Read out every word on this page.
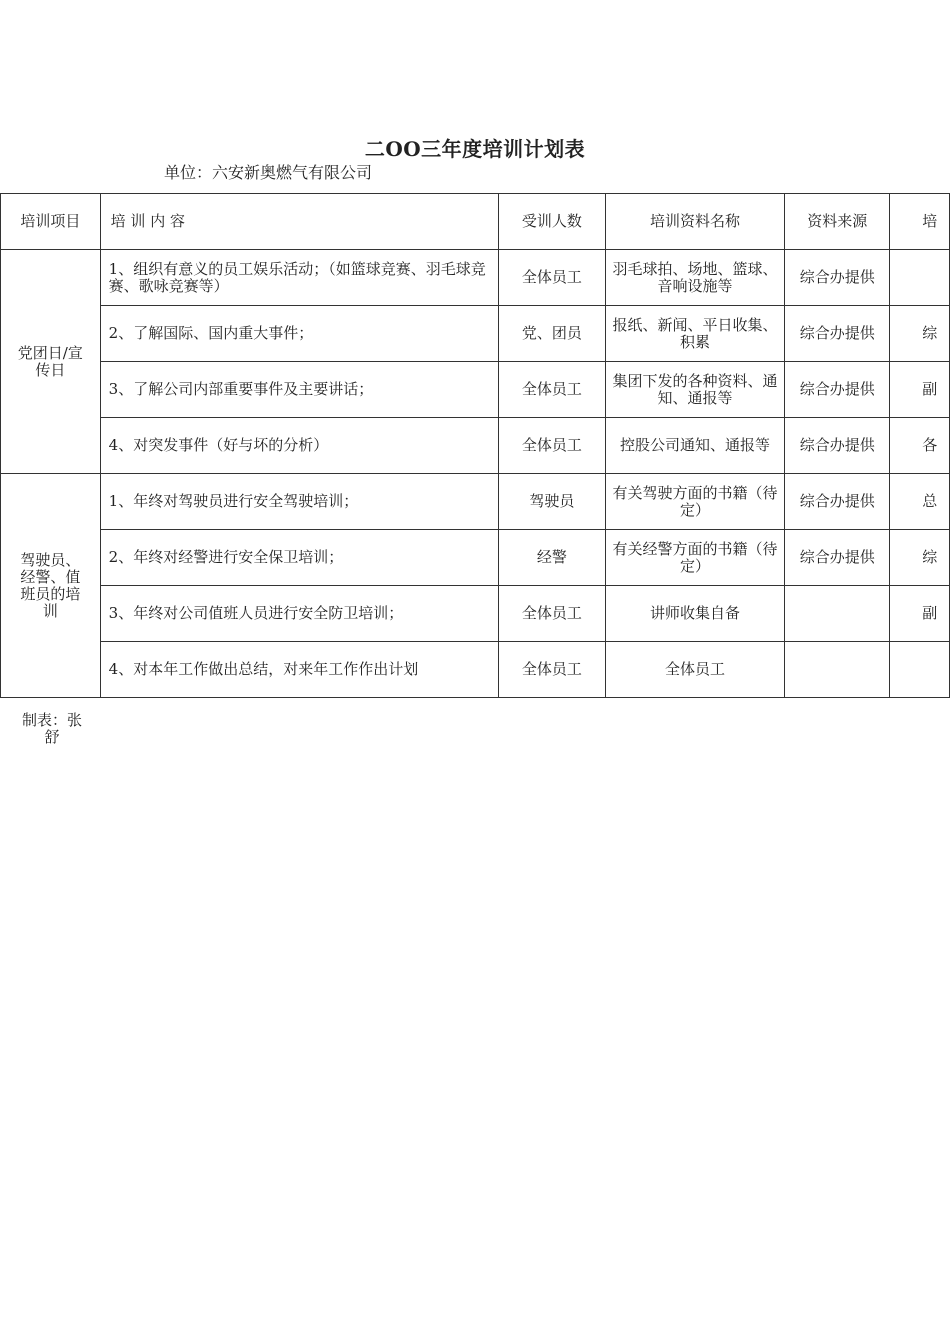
二OO三年度培训计划表
单位：六安新奥燃气有限公司
培训项目	培 训 内 容	受训人数	培训资料名称	资料来源	培
党团日/宣传日	1、组织有意义的员工娱乐活动；（如篮球竞赛、羽毛球竞赛、歌咏竞赛等）	全体员工	羽毛球拍、场地、篮球、音响设施等	综合办提供	
	2、了解国际、国内重大事件；	党、团员	报纸、新闻、平日收集、积累	综合办提供	综
	3、了解公司内部重要事件及主要讲话；	全体员工	集团下发的各种资料、通知、通报等	综合办提供	副
	4、对突发事件（好与坏的分析）	全体员工	控股公司通知、通报等	综合办提供	各
驾驶员、经警、值班员的培训	1、年终对驾驶员进行安全驾驶培训；	驾驶员	有关驾驶方面的书籍（待定）	综合办提供	总
	2、年终对经警进行安全保卫培训；	经警	有关经警方面的书籍（待定）	综合办提供	综
	3、年终对公司值班人员进行安全防卫培训；	全体员工	讲师收集自备		副
	4、对本年工作做出总结，对来年工作作出计划	全体员工	全体员工		
制表：张舒
